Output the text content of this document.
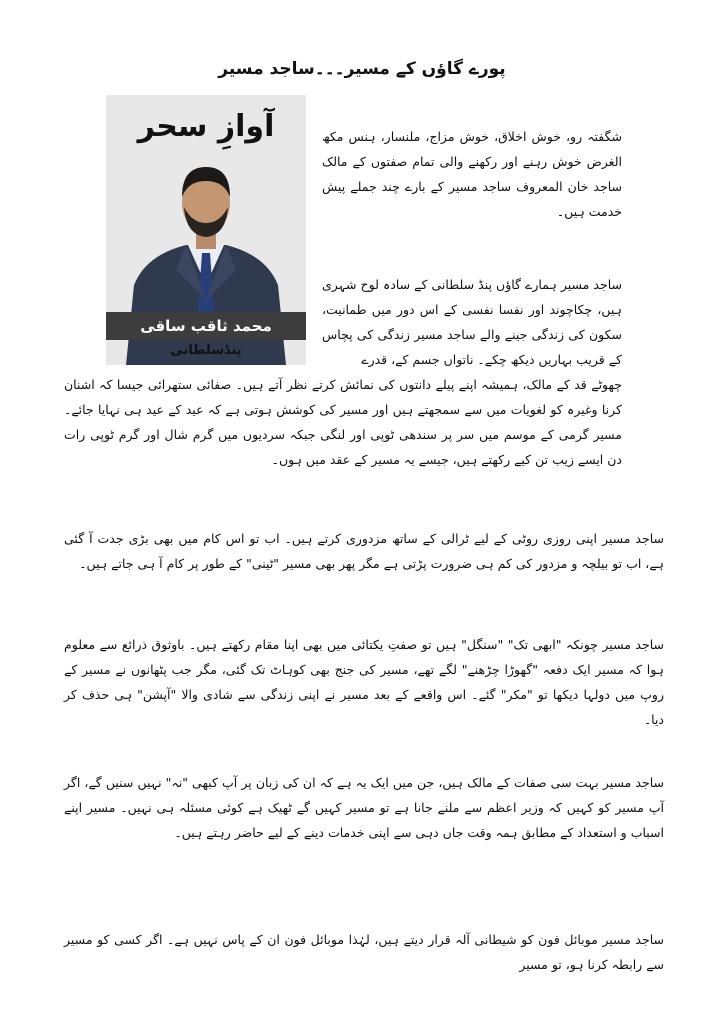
پورے گاؤں کے مسیر۔۔۔ساجد مسیر
آوازِ سحر
محمد ثاقب ساقی
پنڈسلطانی

شگفتہ رو، خوش اخلاق، خوش مزاج، ملنسار، ہنس مکھ الغرض خوش رہنے اور رکھنے والی تمام صفتوں کے مالک ساجد خان المعروف ساجد مسیر کے بارے چند جملے پیش خدمت ہیں۔

ساجد مسیر ہمارے گاؤں پنڈ سلطانی کے سادہ لوح شہری ہیں، چکاچوند اور نفسا نفسی کے اس دور میں طمانیت، سکون کی زندگی جینے والے ساجد مسیر زندگی کی پچاس کے قریب بہاریں دیکھ چکے۔ ناتواں جسم کے، قدرے
چھوٹے قد کے مالک، ہمیشہ اپنے پیلے دانتوں کی نمائش کرتے نظر آتے ہیں۔ صفائی ستھرائی جیسا کہ اشنان کرنا وغیرہ کو لغویات میں سے سمجھتے ہیں اور مسیر کی کوشش ہوتی ہے کہ عید کے عید ہی نہایا جائے۔ مسیر گرمی کے موسم میں سر پر سندھی ٹوپی اور لنگی جبکہ سردیوں میں گرم شال اور گرم ٹوپی رات دن ایسے زیب تن کیے رکھتے ہیں، جیسے یہ مسیر کے عقد میں ہوں۔

ساجد مسیر اپنی روزی روٹی کے لیے ٹرالی کے ساتھ مزدوری کرتے ہیں۔ اب تو اس کام میں بھی بڑی جدت آ گئی ہے، اب تو بیلچہ و مزدور کی کم ہی ضرورت پڑتی ہے مگر پھر بھی مسیر "ٹینی" کے طور پر کام آ ہی جاتے ہیں۔

ساجد مسیر چونکہ "ابھی تک" "سنگل" ہیں تو صفتِ یکتائی میں بھی اپنا مقام رکھتے ہیں۔ باوثوق ذرائع سے معلوم ہوا کہ مسیر ایک دفعہ "گھوڑا چڑھنے" لگے تھے، مسیر کی جنج بھی کوہاٹ تک گئی، مگر جب پٹھانوں نے مسیر کے روپ میں دولہا دیکھا تو "مکر" گئے۔ اس واقعے کے بعد مسیر نے اپنی زندگی سے شادی والا "آپشن" ہی حذف کر دیا۔

ساجد مسیر بہت سی صفات کے مالک ہیں، جن میں ایک یہ ہے کہ ان کی زبان پر آپ کبھی "نہ" نہیں سنیں گے، اگر آپ مسیر کو کہیں کہ وزیر اعظم سے ملنے جانا ہے تو مسیر کہیں گے ٹھیک ہے کوئی مسئلہ ہی نہیں۔ مسیر اپنے اسباب و استعداد کے مطابق ہمہ وقت جاں دہی سے اپنی خدمات دینے کے لیے حاضر رہتے ہیں۔

ساجد مسیر موبائل فون کو شیطانی آلہ قرار دیتے ہیں، لہٰذا موبائل فون ان کے پاس نہیں ہے۔ اگر کسی کو مسیر سے رابطہ کرنا ہو، تو مسیر
